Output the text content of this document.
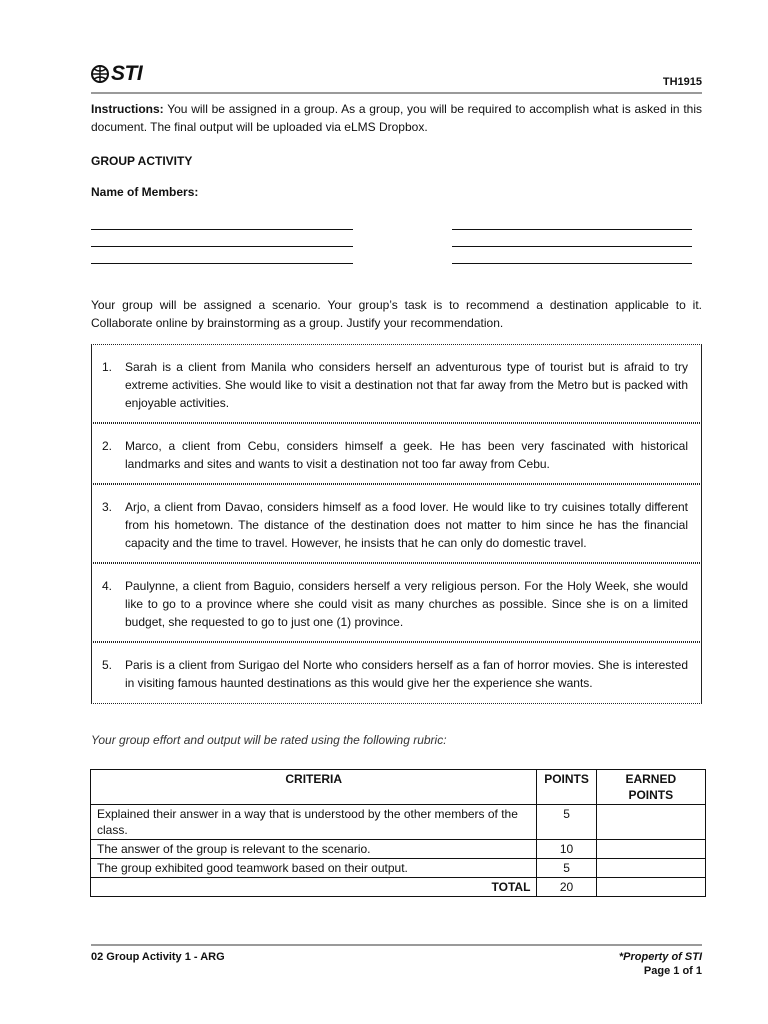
STI	TH1915
Instructions: You will be assigned in a group. As a group, you will be required to accomplish what is asked in this document. The final output will be uploaded via eLMS Dropbox.
GROUP ACTIVITY
Name of Members:
Your group will be assigned a scenario. Your group’s task is to recommend a destination applicable to it. Collaborate online by brainstorming as a group. Justify your recommendation.
1.	Sarah is a client from Manila who considers herself an adventurous type of tourist but is afraid to try extreme activities. She would like to visit a destination not that far away from the Metro but is packed with enjoyable activities.
2.	Marco, a client from Cebu, considers himself a geek. He has been very fascinated with historical landmarks and sites and wants to visit a destination not too far away from Cebu.
3.	Arjo, a client from Davao, considers himself as a food lover. He would like to try cuisines totally different from his hometown. The distance of the destination does not matter to him since he has the financial capacity and the time to travel. However, he insists that he can only do domestic travel.
4.	Paulynne, a client from Baguio, considers herself a very religious person. For the Holy Week, she would like to go to a province where she could visit as many churches as possible. Since she is on a limited budget, she requested to go to just one (1) province.
5.	Paris is a client from Surigao del Norte who considers herself as a fan of horror movies. She is interested in visiting famous haunted destinations as this would give her the experience she wants.
Your group effort and output will be rated using the following rubric:
CRITERIA	POINTS	EARNED POINTS
Explained their answer in a way that is understood by the other members of the class.	5	
The answer of the group is relevant to the scenario.	10	
The group exhibited good teamwork based on their output.	5	
TOTAL	20	
02 Group Activity 1 - ARG	*Property of STI
Page 1 of 1
